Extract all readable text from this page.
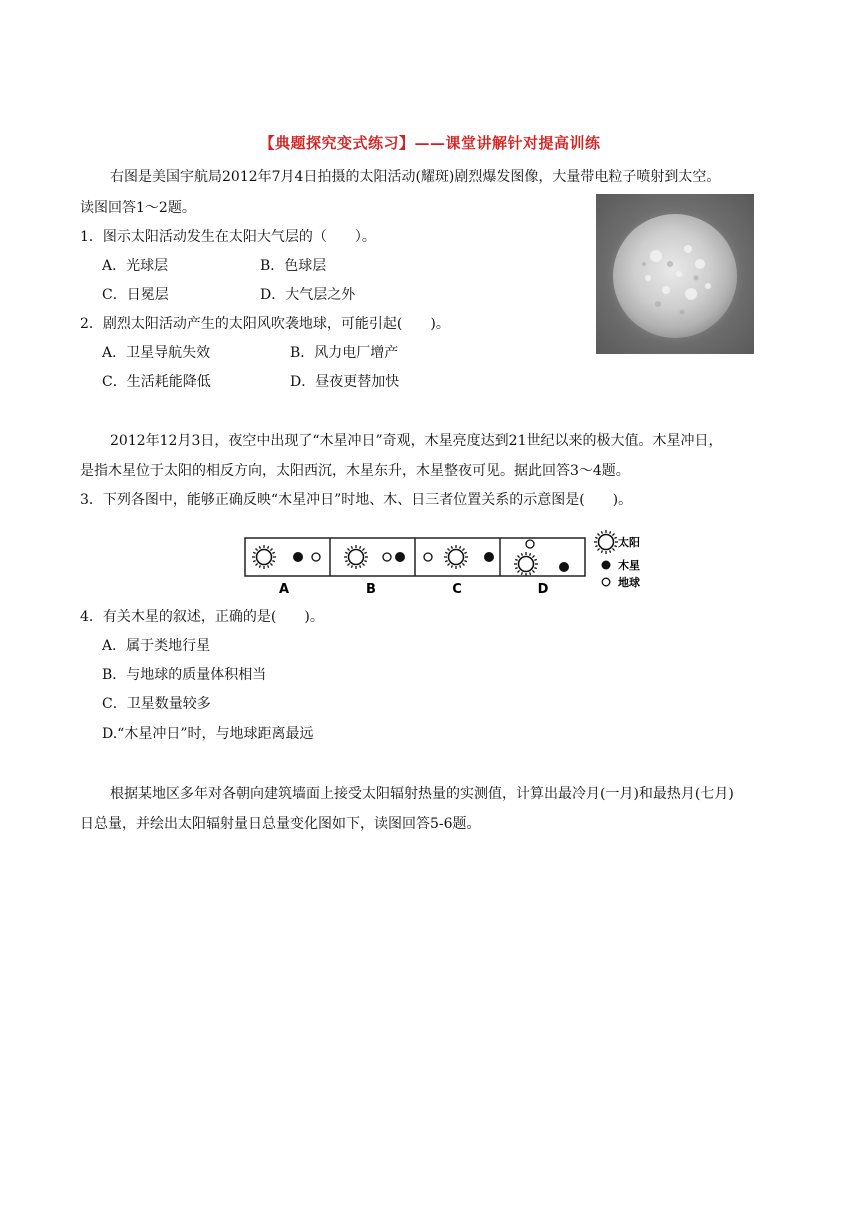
【典题探究变式练习】——课堂讲解针对提高训练
右图是美国宇航局2012年7月4日拍摄的太阳活动(耀斑)剧烈爆发图像，大量带电粒子喷射到太空。
读图回答1～2题。
1．图示太阳活动发生在太阳大气层的（　　）。
A．光球层	B．色球层
C．日冕层	D．大气层之外
2．剧烈太阳活动产生的太阳风吹袭地球，可能引起(　　)。
A．卫星导航失效	B．风力电厂增产
C．生活耗能降低	D．昼夜更替加快
2012年12月3日，夜空中出现了“木星冲日”奇观，木星亮度达到21世纪以来的极大值。木星冲日，
是指木星位于太阳的相反方向，太阳西沉，木星东升，木星整夜可见。据此回答3～4题。
3．下列各图中，能够正确反映“木星冲日”时地、木、日三者位置关系的示意图是(　　)。
A	B	C	D
太阳
木星
地球
4．有关木星的叙述，正确的是(　　)。
A．属于类地行星
B．与地球的质量体积相当
C．卫星数量较多
D.“木星冲日”时，与地球距离最远
根据某地区多年对各朝向建筑墙面上接受太阳辐射热量的实测值，计算出最冷月(一月)和最热月(七月)
日总量，并绘出太阳辐射量日总量变化图如下，读图回答5-6题。
